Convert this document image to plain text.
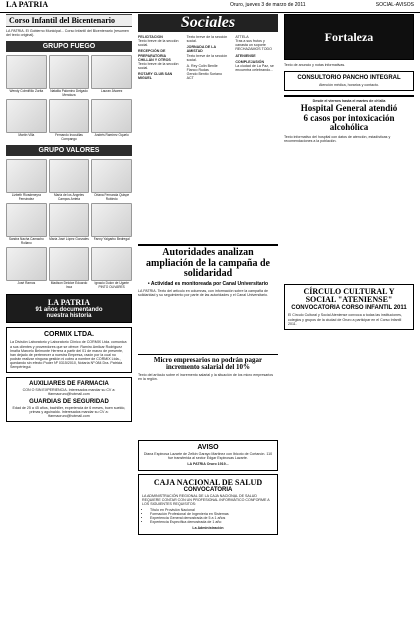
LA PATRIA	Oruro, jueves 3 de marzo de 2011	SOCIAL-AVISOS
Corso Infantil del Bicentenario
LA PATRIA. El Gobierno Municipal... Corso Infantil del Bicentenario (resumen del texto original).
GRUPO FUEGO
Wendy Colmiñillo Zurita	Nataliia Palomino Delgado Mendoza
Lauran Álvarez
Martín Villa	Fernando Inocuillas Compango
Andrés Ramírez Oquelo
GRUPO VALORES
Lizbeth Rivadeneyra Fernández
María de los Ángeles Campos Arrieta
Oriana Fernanda Quispe Robledo
Sandra Nacha Camacho Rollano
María José López Gonzales	Fanny Yaigarbo Bedregal
José Ramos	Madison Deloice Eduardo Inca
Ignacio Dulon de Ugarte PINTO OLIVARES
LA PATRIA
91 años documentando
nuestra historia
CORMIX LTDA.
La División Laboratorio y Laboratorio Clínico de CORMIX Ltda. comunica a sus clientes y proveedores que se ofrece: Ramiro Amilcar Rodriguez Imaña Marcelo Belmonte Herrera a partir del 01 de marzo de presente, han dejado de pertenecer a nuestra Empresa, razón por la cual no podrán realizar ninguna gestión ni cobro a nombre de CORMIX Ltda., quedando sin efecto Poder Nº 0315/2010, Notaría Nº 084 Dra. Patricia Sempértegui.
AUXILIARES DE FARMACIA
CON O SIN EXPERIENCIA. Interesados mandar su CV a: tfarmaoruro@hotmail.com
GUARDIAS DE SEGURIDAD
Edad de 25 a 45 años, bachiller, experiencia de 6 meses, buen sueldo, primas y aguinaldo. Interesados mandar su CV a: tfarmaoruro@hotmail.com
Sociales
FELICITACION
Texto breve de la sección social.
RECEPCIÓN DE PREPARATORIA CHILLÁN Y OTROS
Texto breve de la sección social.
ROTARY CLUB SAN MIGUEL
Texto breve de la sección social.
JORNADA DE LA AMISTAD
Texto breve de la sección social.
A. Rey Colin Benlle
Flanco Rudas
Gendo Benito Soriano
ACT
ATTELA
Tras a sus frutos y canasta un soporte
RECHAZAMOS TODO
ATENIENSE
COMPLEJASIÓN
La ciudad de La Paz, se encuentra celebrando...
Autoridades analizan ampliación de la campaña de solidaridad
• Actividad es monitoreada por Canal Universitario
LA PATRIA. Texto del artículo en columnas, con información sobre la campaña de solidaridad y su seguimiento por parte de las autoridades y el Canal Universitario.
Micro empresarios no podrán pagar incremento salarial del 10%
Texto del artículo sobre el incremento salarial y la situación de los micro empresarios en la región.
AVISO
Diana Espinosa Lazarte de Zelkin Garayo Martinez con Ibicoto de Cortanón. 110 fue transferida al sector Edgar Espinosas Lazarte.
LA PATRIA Oruro 1919...
CAJA NACIONAL DE SALUD
CONVOCATORIA
LA ADMINISTRACIÓN REGIONAL DE LA CAJA NACIONAL DE SALUD REQUIERE CONTAR CON UN PROFESIONAL INFORMÁTICO CONFORME A LOS SIGUIENTES REQUISITOS:
• Título en Provisión Nacional
• Formación Profesional de Ingeniería en Sistemas
• Experiencia General demostrada de 5 a 1 años
• Experiencia Específica demostrada de 1 año
La Administración
Fortaleza
Texto de anuncio y notas informativas.
CONSULTORIO PANCHO INTEGRAL
Atención médica, horarios y contacto.
Desde el viernes hasta el martes de ch'alla
Hospital General atendió
6 casos por intoxicación alcohólica
Texto informativo del hospital con datos de atención, estadísticas y recomendaciones a la población.
CÍRCULO CULTURAL Y SOCIAL "ATENIENSE"
CONVOCATORIA CORSO INFANTIL 2011
El Círculo Cultural y Social Ateniense convoca a todas las instituciones, colegios y grupos de la ciudad de Oruro a participar en el Corso Infantil 2011.
